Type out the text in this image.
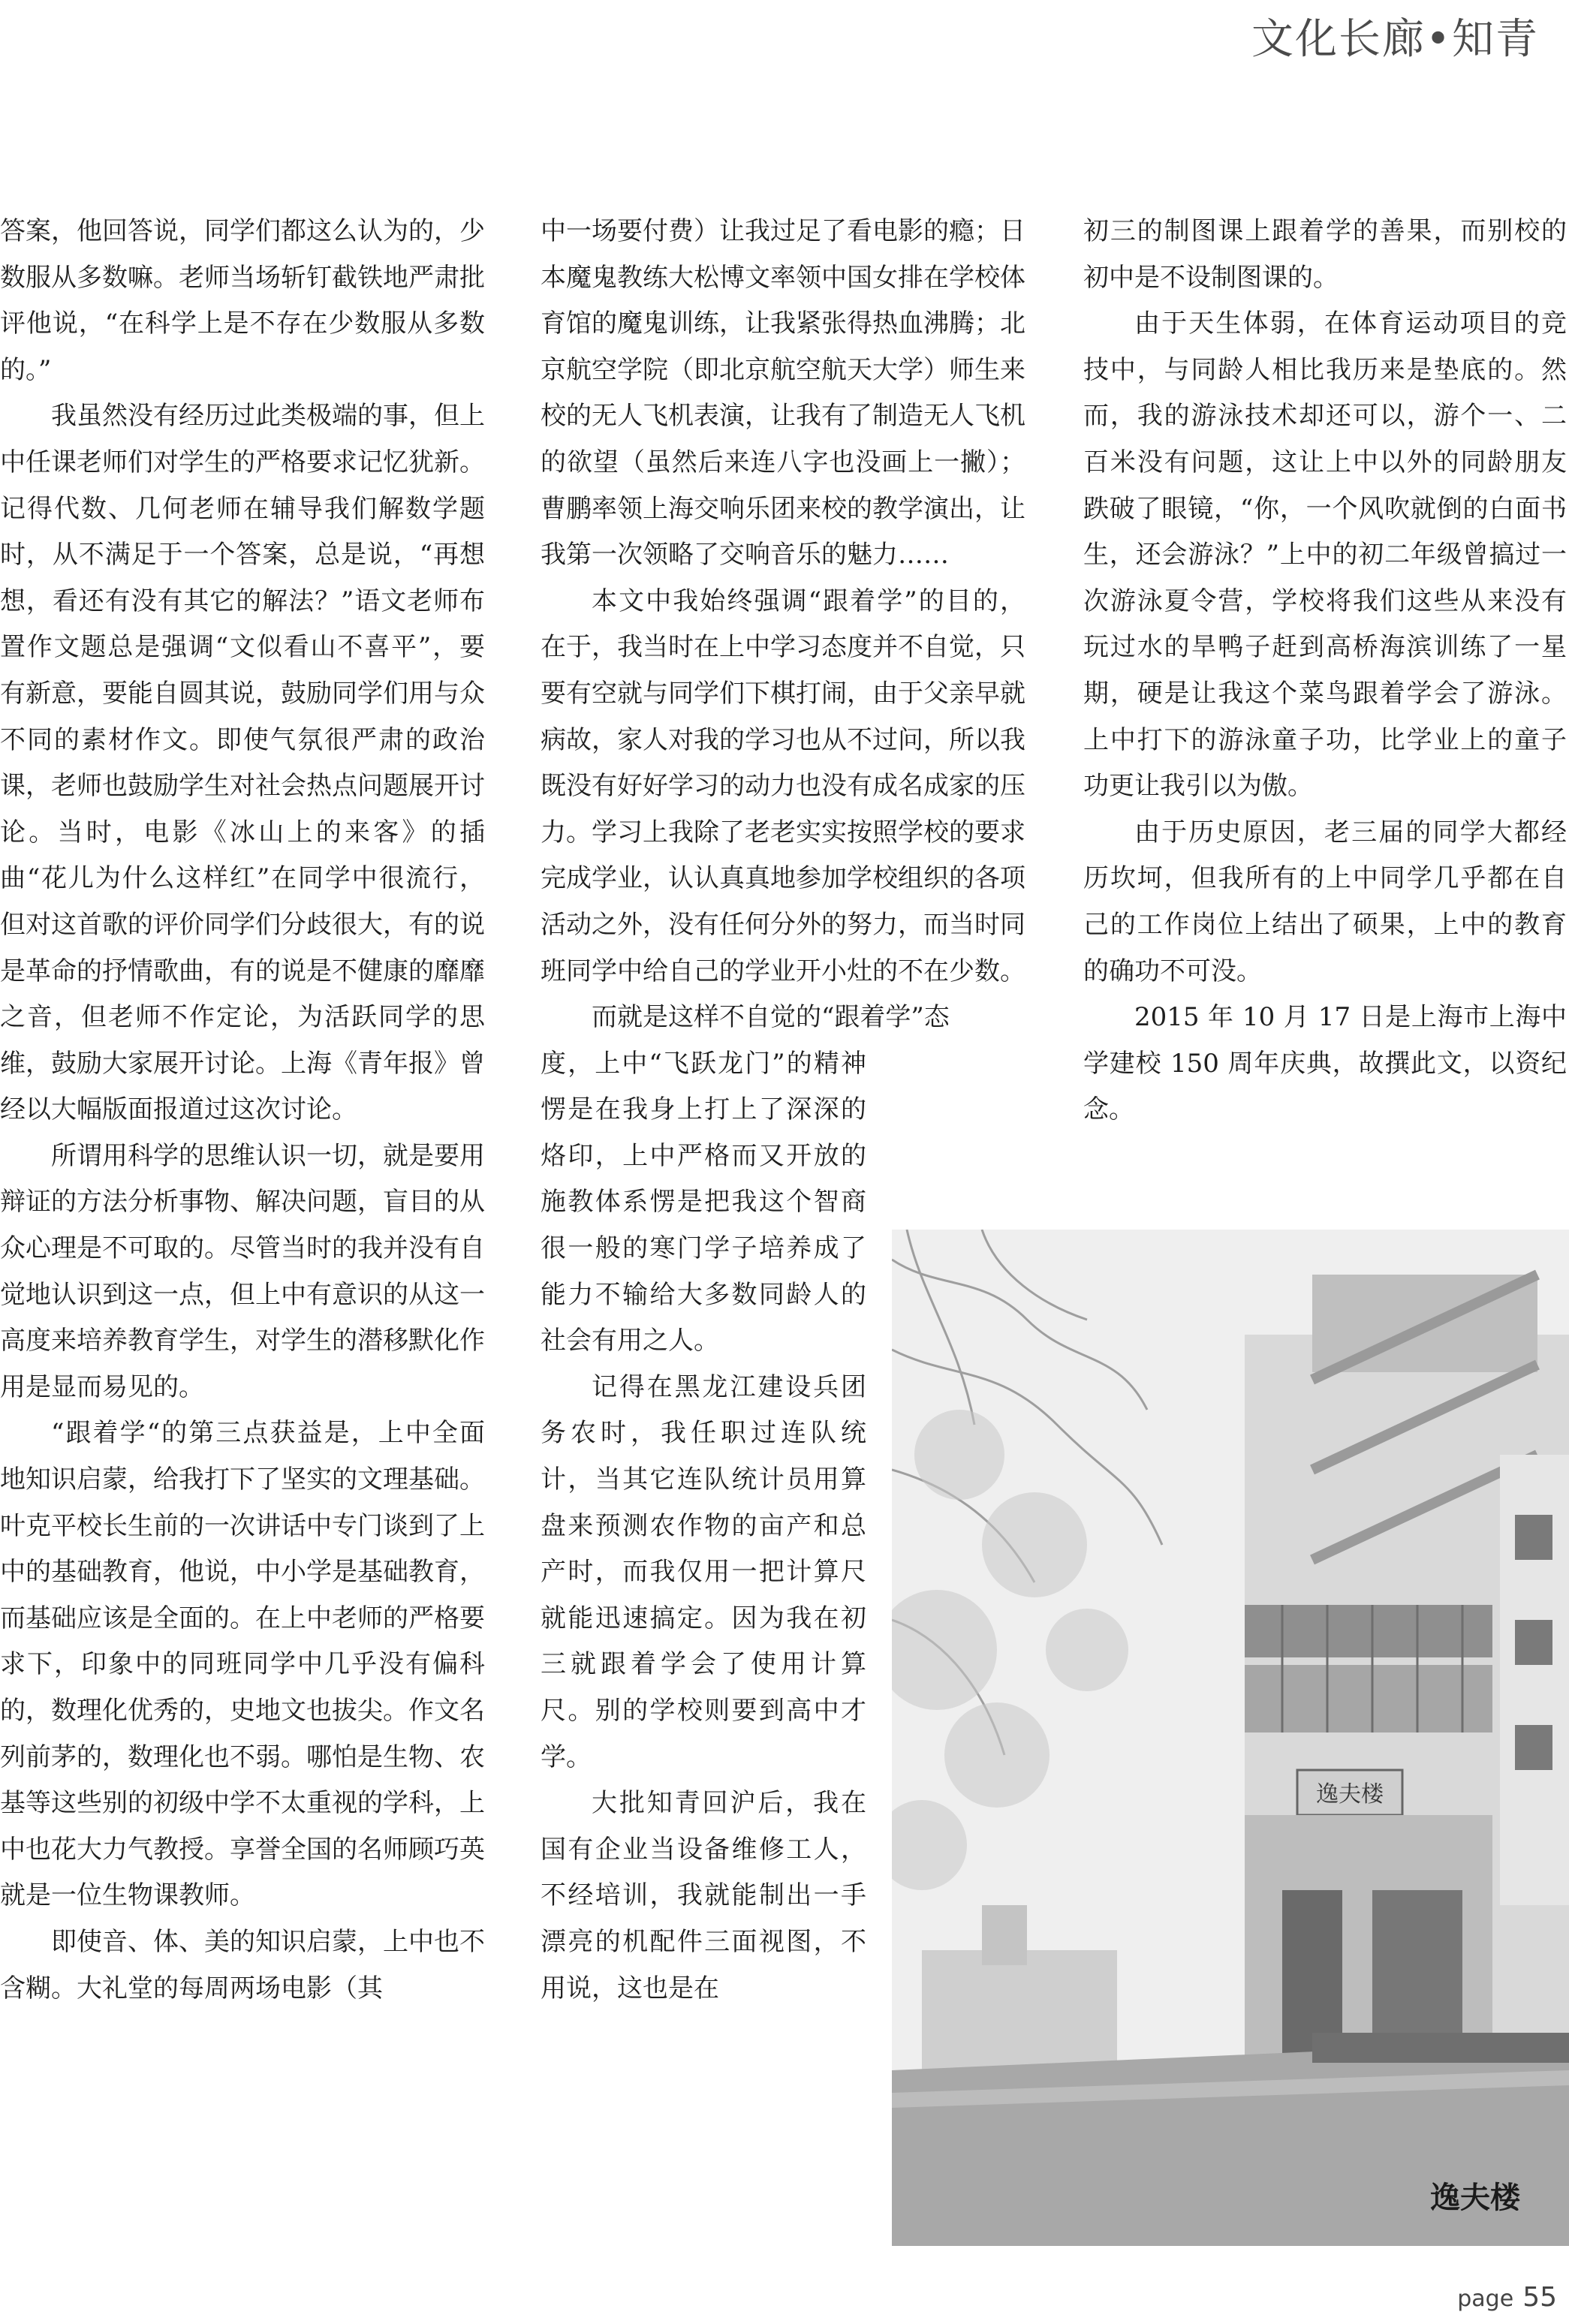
文化长廊•知青

答案，他回答说，同学们都这么认为的，少数服从多数嘛。老师当场斩钉截铁地严肃批评他说，“在科学上是不存在少数服从多数的。”

我虽然没有经历过此类极端的事，但上中任课老师们对学生的严格要求记忆犹新。记得代数、几何老师在辅导我们解数学题时，从不满足于一个答案，总是说，“再想想，看还有没有其它的解法？”语文老师布置作文题总是强调“文似看山不喜平”，要有新意，要能自圆其说，鼓励同学们用与众不同的素材作文。即使气氛很严肃的政治课，老师也鼓励学生对社会热点问题展开讨论。当时，电影《冰山上的来客》的插曲“花儿为什么这样红”在同学中很流行，但对这首歌的评价同学们分歧很大，有的说是革命的抒情歌曲，有的说是不健康的靡靡之音，但老师不作定论，为活跃同学的思维，鼓励大家展开讨论。上海《青年报》曾经以大幅版面报道过这次讨论。

所谓用科学的思维认识一切，就是要用辩证的方法分析事物、解决问题，盲目的从众心理是不可取的。尽管当时的我并没有自觉地认识到这一点，但上中有意识的从这一高度来培养教育学生，对学生的潜移默化作用是显而易见的。

“跟着学“的第三点获益是，上中全面地知识启蒙，给我打下了坚实的文理基础。叶克平校长生前的一次讲话中专门谈到了上中的基础教育，他说，中小学是基础教育，而基础应该是全面的。在上中老师的严格要求下，印象中的同班同学中几乎没有偏科的，数理化优秀的，史地文也拔尖。作文名列前茅的，数理化也不弱。哪怕是生物、农基等这些别的初级中学不太重视的学科，上中也花大力气教授。享誉全国的名师顾巧英就是一位生物课教师。

即使音、体、美的知识启蒙，上中也不含糊。大礼堂的每周两场电影（其

中一场要付费）让我过足了看电影的瘾；日本魔鬼教练大松博文率领中国女排在学校体育馆的魔鬼训练，让我紧张得热血沸腾；北京航空学院（即北京航空航天大学）师生来校的无人飞机表演，让我有了制造无人飞机的欲望（虽然后来连八字也没画上一撇）；曹鹏率领上海交响乐团来校的教学演出，让我第一次领略了交响音乐的魅力……

本文中我始终强调“跟着学”的目的，在于，我当时在上中学习态度并不自觉，只要有空就与同学们下棋打闹，由于父亲早就病故，家人对我的学习也从不过问，所以我既没有好好学习的动力也没有成名成家的压力。学习上我除了老老实实按照学校的要求完成学业，认认真真地参加学校组织的各项活动之外，没有任何分外的努力，而当时同班同学中给自己的学业开小灶的不在少数。

而就是这样不自觉的“跟着学”态

度，上中“飞跃龙门”的精神愣是在我身上打上了深深的烙印，上中严格而又开放的施教体系愣是把我这个智商很一般的寒门学子培养成了能力不输给大多数同龄人的社会有用之人。

记得在黑龙江建设兵团务农时，我任职过连队统计，当其它连队统计员用算盘来预测农作物的亩产和总产时，而我仅用一把计算尺就能迅速搞定。因为我在初三就跟着学会了使用计算尺。别的学校则要到高中才学。

大批知青回沪后，我在国有企业当设备维修工人，不经培训，我就能制出一手漂亮的机配件三面视图，不用说，这也是在

初三的制图课上跟着学的善果，而别校的初中是不设制图课的。

由于天生体弱，在体育运动项目的竞技中，与同龄人相比我历来是垫底的。然而，我的游泳技术却还可以，游个一、二百米没有问题，这让上中以外的同龄朋友跌破了眼镜，“你，一个风吹就倒的白面书生，还会游泳？”上中的初二年级曾搞过一次游泳夏令营，学校将我们这些从来没有玩过水的旱鸭子赶到高桥海滨训练了一星期，硬是让我这个菜鸟跟着学会了游泳。上中打下的游泳童子功，比学业上的童子功更让我引以为傲。

由于历史原因，老三届的同学大都经历坎坷，但我所有的上中同学几乎都在自己的工作岗位上结出了硕果，上中的教育的确功不可没。

2015 年 10 月 17 日是上海市上海中学建校 150 周年庆典，故撰此文，以资纪念。

逸夫楼
逸夫楼
page 55
